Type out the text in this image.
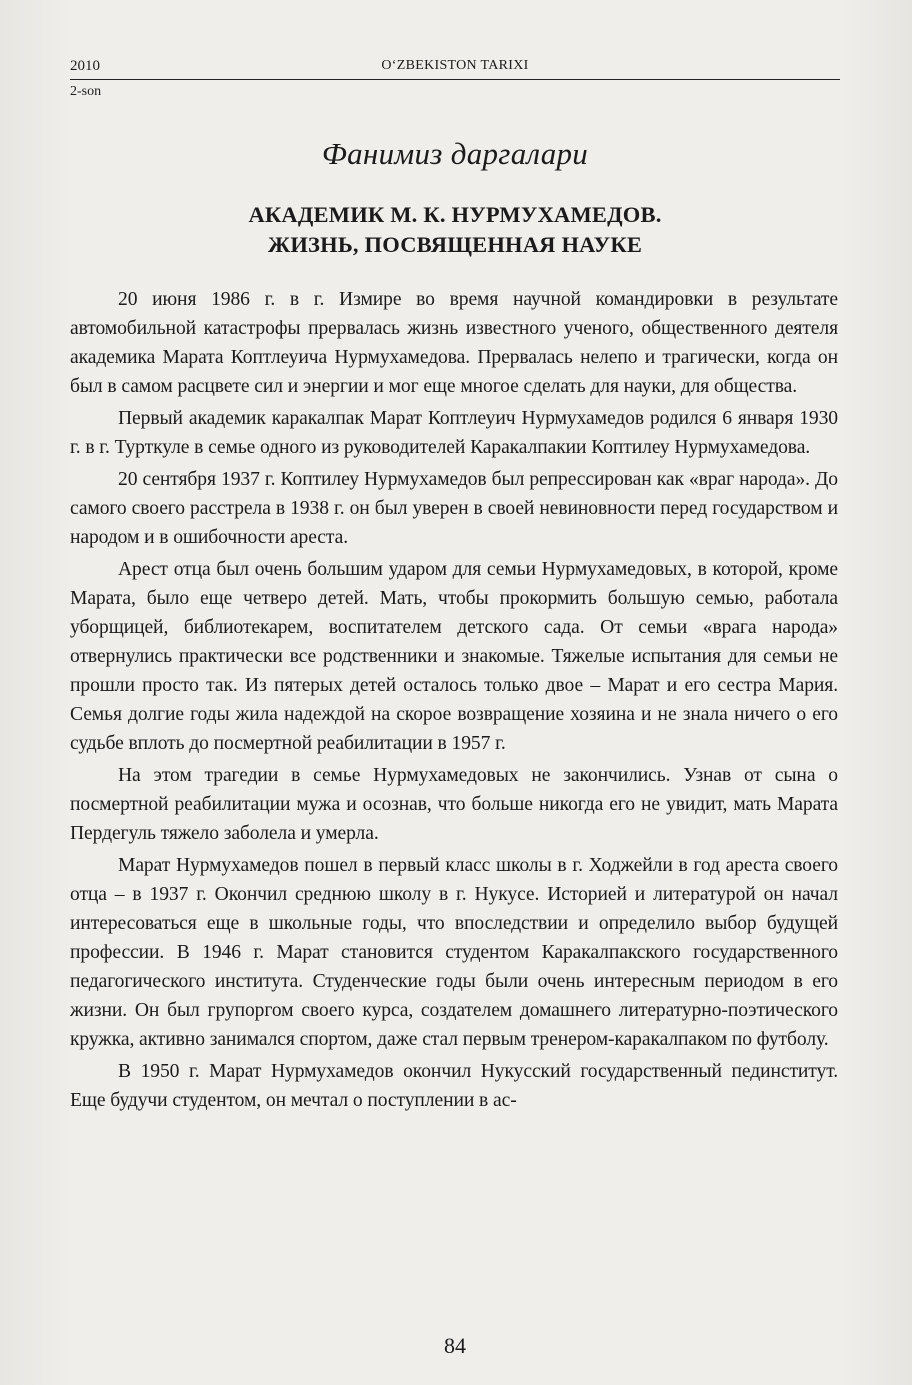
2010	O‘ZBEKISTON TARIXI
2-son
Фанимиз даргалари
АКАДЕМИК М. К. НУРМУХАМЕДОВ.
ЖИЗНЬ, ПОСВЯЩЕННАЯ НАУКЕ

20 июня 1986 г. в г. Измире во время научной командировки в результате автомобильной катастрофы прервалась жизнь известного ученого, общественного деятеля академика Марата Коптлеуича Нурмухамедова. Прервалась нелепо и трагически, когда он был в самом расцвете сил и энергии и мог еще многое сделать для науки, для общества.

Первый академик каракалпак Марат Коптлеуич Нурмухамедов родился 6 января 1930 г. в г. Турткуле в семье одного из руководителей Каракалпакии Коптилеу Нурмухамедова.

20 сентября 1937 г. Коптилеу Нурмухамедов был репрессирован как «враг народа». До самого своего расстрела в 1938 г. он был уверен в своей невиновности перед государством и народом и в ошибочности ареста.

Арест отца был очень большим ударом для семьи Нурмухамедовых, в которой, кроме Марата, было еще четверо детей. Мать, чтобы прокормить большую семью, работала уборщицей, библиотекарем, воспитателем детского сада. От семьи «врага народа» отвернулись практически все родственники и знакомые. Тяжелые испытания для семьи не прошли просто так. Из пятерых детей осталось только двое – Марат и его сестра Мария. Семья долгие годы жила надеждой на скорое возвращение хозяина и не знала ничего о его судьбе вплоть до посмертной реабилитации в 1957 г.

На этом трагедии в семье Нурмухамедовых не закончились. Узнав от сына о посмертной реабилитации мужа и осознав, что больше никогда его не увидит, мать Марата Пердегуль тяжело заболела и умерла.

Марат Нурмухамедов пошел в первый класс школы в г. Ходжейли в год ареста своего отца – в 1937 г. Окончил среднюю школу в г. Нукусе. Историей и литературой он начал интересоваться еще в школьные годы, что впоследствии и определило выбор будущей профессии. В 1946 г. Марат становится студентом Каракалпакского государственного педагогического института. Студенческие годы были очень интересным периодом в его жизни. Он был групоргом своего курса, создателем домашнего литературно-поэтического кружка, активно занимался спортом, даже стал первым тренером-каракалпаком по футболу.

В 1950 г. Марат Нурмухамедов окончил Нукусский государственный пединститут. Еще будучи студентом, он мечтал о поступлении в ас-

84
